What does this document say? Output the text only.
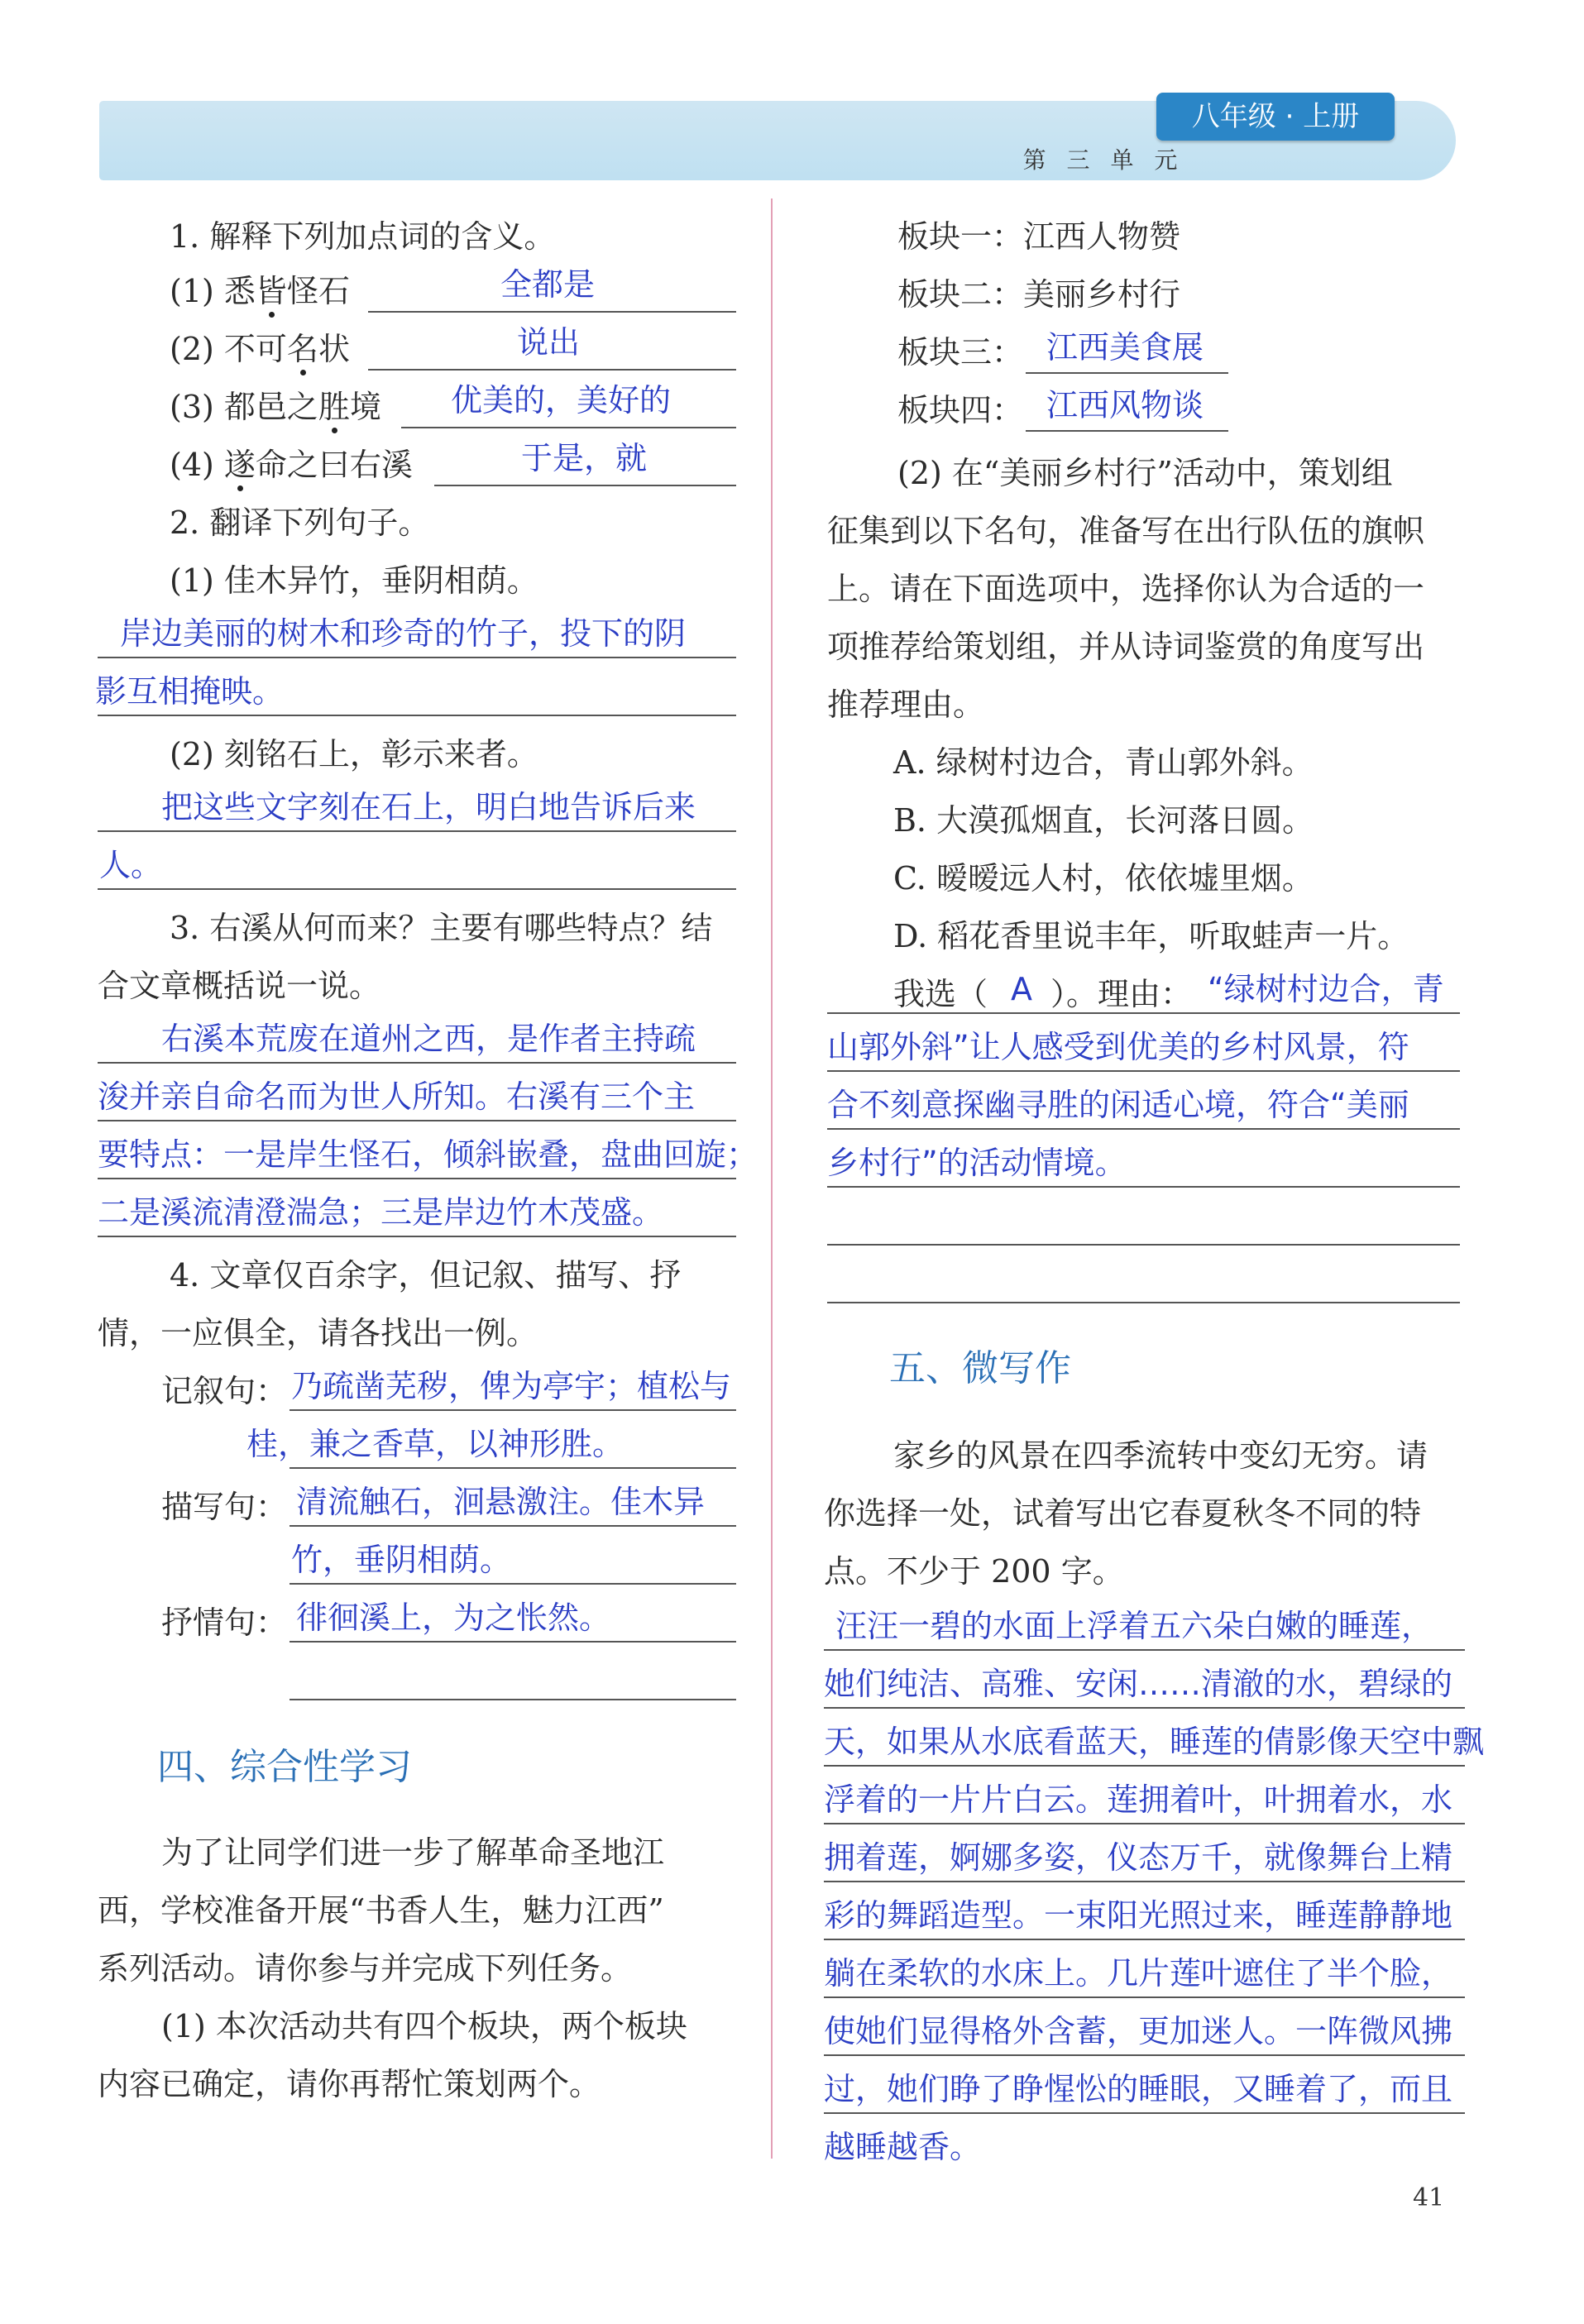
八年级 · 上册
第 三 单 元
1. 解释下列加点词的含义。
(1) 悉皆怪石	全都是
(2) 不可名状	说出
(3) 都邑之胜境 优美的，美好的
(4) 遂命之曰右溪	于是，就
2. 翻译下列句子。
(1) 佳木异竹，垂阴相荫。
岸边美丽的树木和珍奇的竹子，投下的阴
影互相掩映。
(2) 刻铭石上，彰示来者。
把这些文字刻在石上，明白地告诉后来
人。
3. 右溪从何而来？主要有哪些特点？结
合文章概括说一说。
右溪本荒废在道州之西，是作者主持疏
浚并亲自命名而为世人所知。右溪有三个主
要特点：一是岸生怪石，倾斜嵌叠，盘曲回旋；
二是溪流清澄湍急；三是岸边竹木茂盛。
4. 文章仅百余字，但记叙、描写、抒
情，一应俱全，请各找出一例。
记叙句： 乃疏凿芜秽，俾为亭宇；植松与
桂，兼之香草，以神形胜。
描写句： 清流触石，洄悬激注。佳木异
竹，垂阴相荫。
抒情句： 徘徊溪上，为之怅然。
四、综合性学习
为了让同学们进一步了解革命圣地江
西，学校准备开展“书香人生，魅力江西”
系列活动。请你参与并完成下列任务。
(1) 本次活动共有四个板块，两个板块
内容已确定，请你再帮忙策划两个。
板块一：江西人物赞
板块二：美丽乡村行
板块三： 江西美食展
板块四： 江西风物谈
(2) 在“美丽乡村行”活动中，策划组
征集到以下名句，准备写在出行队伍的旗帜
上。请在下面选项中，选择你认为合适的一
项推荐给策划组，并从诗词鉴赏的角度写出
推荐理由。
A. 绿树村边合，青山郭外斜。
B. 大漠孤烟直，长河落日圆。
C. 暧暧远人村，依依墟里烟。
D. 稻花香里说丰年，听取蛙声一片。
我选（ A ）。理由： “绿树村边合，青
山郭外斜”让人感受到优美的乡村风景，符
合不刻意探幽寻胜的闲适心境，符合“美丽
乡村行”的活动情境。
五、微写作
家乡的风景在四季流转中变幻无穷。请
你选择一处，试着写出它春夏秋冬不同的特
点。不少于 200 字。
汪汪一碧的水面上浮着五六朵白嫩的睡莲，
她们纯洁、高雅、安闲……清澈的水，碧绿的
天，如果从水底看蓝天，睡莲的倩影像天空中飘
浮着的一片片白云。莲拥着叶，叶拥着水，水
拥着莲，婀娜多姿，仪态万千，就像舞台上精
彩的舞蹈造型。一束阳光照过来，睡莲静静地
躺在柔软的水床上。几片莲叶遮住了半个脸，
使她们显得格外含蓄，更加迷人。一阵微风拂
过，她们睁了睁惺忪的睡眼，又睡着了，而且
越睡越香。
41
